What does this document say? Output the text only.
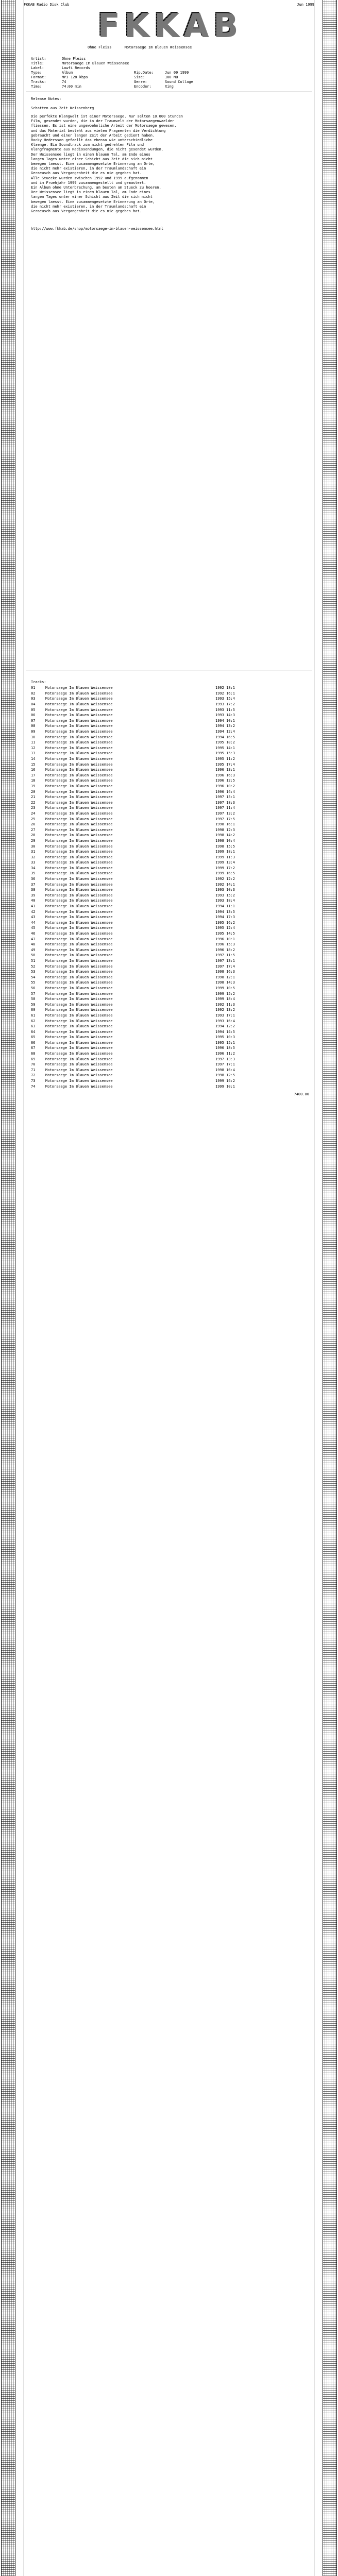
FKKAB Radio Disk Club	Jun 1999
FKKAB
Ohne Fleiss      Motorsaege Im Blauen Weissensee
Artist:	Ohne Fleiss
Title:	Motorsaege Im Blauen Weissensee
Label:	Lowfi Records
Type:	Album	Rip.Date:	Jun 09 1999
Format:	MP3 128 kbps	Size:	100 MB
Tracks:	74	Genre:	Sound Collage
Time:	74:00 min	Encoder:	Xing
Release Notes:
Schatten aus Zeit Weissenberg
Die perfekte Klangwelt ist einer Motorsaege. Nur selten 10.000 Stunden
Film, gesendet wurden, die in der Traumwelt der Motorsaegenwaelder
fliessen. Es ist eine ungewoehnliche Arbeit der Motorsaege gewesen,
und das Material besteht aus vielen Fragmenten die Verdichtung
gebraucht und einer langen Zeit der Arbeit gedient haben.
Rocky Hedersson gefaellt das ebenso wie unterschiedliche
Klaenge. Ein Soundtrack zum nicht gedrehten Film und
Klangfragmente aus Radiosendungen, die nicht gesendet wurden.
Der Weissensee liegt in einem blauen Tal, am Ende eines
langen Tages unter einer Schicht aus Zeit die sich nicht
bewegen laesst. Eine zusammengesetzte Erinnerung an Orte,
die nicht mehr existieren, in der Traumlandschaft ein
Geraeusch aus Vergangenheit die es nie gegeben hat.
Alle Stuecke wurden zwischen 1992 und 1999 aufgenommen
und im Fruehjahr 1999 zusammengestellt und gemastert.
Ein Album ohne Unterbrechung, am besten am Stueck zu hoeren.
Der Weissensee liegt in einem blauen Tal, am Ende eines
langen Tages unter einer Schicht aus Zeit die sich nicht
bewegen laesst. Eine zusammengesetzte Erinnerung an Orte,
die nicht mehr existieren, in der Traumlandschaft ein
Geraeusch aus Vergangenheit die es nie gegeben hat.
http://www.fkkab.de/shop/motorsaege-im-blauen-weissensee.html
Tracks:
01	Motorsaege Im Blauen Weissensee	1992 18:1
02	Motorsaege Im Blauen Weissensee	1992 16:1
03	Motorsaege Im Blauen Weissensee	1993 15:4
04	Motorsaege Im Blauen Weissensee	1993 17:2
05	Motorsaege Im Blauen Weissensee	1993 11:5
06	Motorsaege Im Blauen Weissensee	1993 14:3
07	Motorsaege Im Blauen Weissensee	1994 10:1
08	Motorsaege Im Blauen Weissensee	1994 13:2
09	Motorsaege Im Blauen Weissensee	1994 12:4
10	Motorsaege Im Blauen Weissensee	1994 16:5
11	Motorsaege Im Blauen Weissensee	1995 18:2
12	Motorsaege Im Blauen Weissensee	1995 14:1
13	Motorsaege Im Blauen Weissensee	1995 15:3
14	Motorsaege Im Blauen Weissensee	1995 11:2
15	Motorsaege Im Blauen Weissensee	1995 17:4
16	Motorsaege Im Blauen Weissensee	1996 13:1
17	Motorsaege Im Blauen Weissensee	1996 16:3
18	Motorsaege Im Blauen Weissensee	1996 12:5
19	Motorsaege Im Blauen Weissensee	1996 10:2
20	Motorsaege Im Blauen Weissensee	1996 14:4
21	Motorsaege Im Blauen Weissensee	1997 15:1
22	Motorsaege Im Blauen Weissensee	1997 18:3
23	Motorsaege Im Blauen Weissensee	1997 11:4
24	Motorsaege Im Blauen Weissensee	1997 13:2
25	Motorsaege Im Blauen Weissensee	1997 17:5
26	Motorsaege Im Blauen Weissensee	1998 16:1
27	Motorsaege Im Blauen Weissensee	1998 12:3
28	Motorsaege Im Blauen Weissensee	1998 14:2
29	Motorsaege Im Blauen Weissensee	1998 10:4
30	Motorsaege Im Blauen Weissensee	1998 15:5
31	Motorsaege Im Blauen Weissensee	1999 18:1
32	Motorsaege Im Blauen Weissensee	1999 11:3
33	Motorsaege Im Blauen Weissensee	1999 13:4
34	Motorsaege Im Blauen Weissensee	1999 17:2
35	Motorsaege Im Blauen Weissensee	1999 16:5
36	Motorsaege Im Blauen Weissensee	1992 12:2
37	Motorsaege Im Blauen Weissensee	1992 14:1
38	Motorsaege Im Blauen Weissensee	1993 10:3
39	Motorsaege Im Blauen Weissensee	1993 15:2
40	Motorsaege Im Blauen Weissensee	1993 18:4
41	Motorsaege Im Blauen Weissensee	1994 11:1
42	Motorsaege Im Blauen Weissensee	1994 13:5
43	Motorsaege Im Blauen Weissensee	1994 17:3
44	Motorsaege Im Blauen Weissensee	1995 16:2
45	Motorsaege Im Blauen Weissensee	1995 12:4
46	Motorsaege Im Blauen Weissensee	1995 14:5
47	Motorsaege Im Blauen Weissensee	1996 10:1
48	Motorsaege Im Blauen Weissensee	1996 15:3
49	Motorsaege Im Blauen Weissensee	1996 18:2
50	Motorsaege Im Blauen Weissensee	1997 11:5
51	Motorsaege Im Blauen Weissensee	1997 13:1
52	Motorsaege Im Blauen Weissensee	1997 17:4
53	Motorsaege Im Blauen Weissensee	1998 16:3
54	Motorsaege Im Blauen Weissensee	1998 12:1
55	Motorsaege Im Blauen Weissensee	1998 14:3
56	Motorsaege Im Blauen Weissensee	1999 10:5
57	Motorsaege Im Blauen Weissensee	1999 15:2
58	Motorsaege Im Blauen Weissensee	1999 18:4
59	Motorsaege Im Blauen Weissensee	1992 11:3
60	Motorsaege Im Blauen Weissensee	1992 13:2
61	Motorsaege Im Blauen Weissensee	1993 17:1
62	Motorsaege Im Blauen Weissensee	1993 16:4
63	Motorsaege Im Blauen Weissensee	1994 12:2
64	Motorsaege Im Blauen Weissensee	1994 14:5
65	Motorsaege Im Blauen Weissensee	1995 10:3
66	Motorsaege Im Blauen Weissensee	1995 15:1
67	Motorsaege Im Blauen Weissensee	1996 18:5
68	Motorsaege Im Blauen Weissensee	1996 11:2
69	Motorsaege Im Blauen Weissensee	1997 13:3
70	Motorsaege Im Blauen Weissensee	1997 17:1
71	Motorsaege Im Blauen Weissensee	1998 16:4
72	Motorsaege Im Blauen Weissensee	1998 12:5
73	Motorsaege Im Blauen Weissensee	1999 14:2
74	Motorsaege Im Blauen Weissensee	1999 10:1
7400.00
